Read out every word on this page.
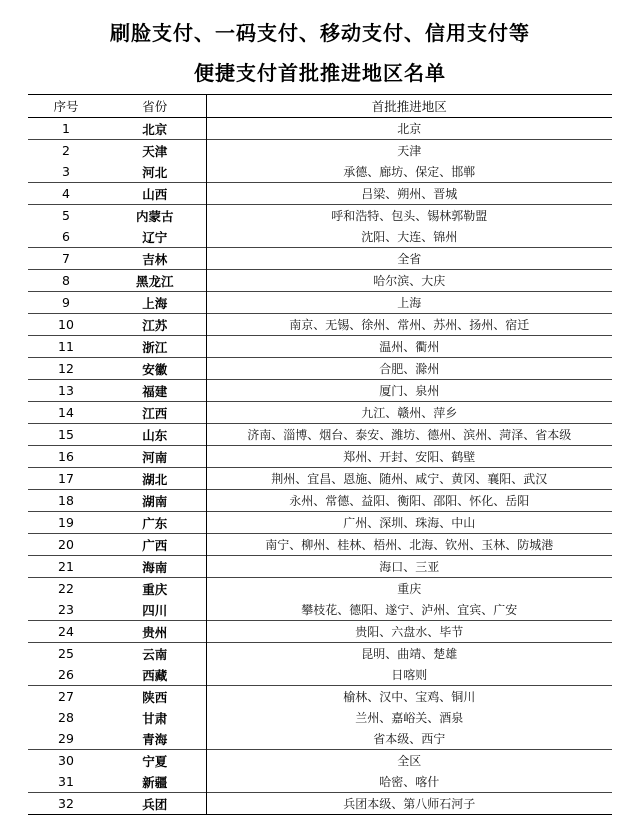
刷脸支付、一码支付、移动支付、信用支付等
便捷支付首批推进地区名单
序号	省份	首批推进地区
1	北京	北京
2	天津	天津
3	河北	承德、廊坊、保定、邯郸
4	山西	吕梁、朔州、晋城
5	内蒙古	呼和浩特、包头、锡林郭勒盟
6	辽宁	沈阳、大连、锦州
7	吉林	全省
8	黑龙江	哈尔滨、大庆
9	上海	上海
10	江苏	南京、无锡、徐州、常州、苏州、扬州、宿迁
11	浙江	温州、衢州
12	安徽	合肥、滁州
13	福建	厦门、泉州
14	江西	九江、赣州、萍乡
15	山东	济南、淄博、烟台、泰安、潍坊、德州、滨州、菏泽、省本级
16	河南	郑州、开封、安阳、鹤壁
17	湖北	荆州、宜昌、恩施、随州、咸宁、黄冈、襄阳、武汉
18	湖南	永州、常德、益阳、衡阳、邵阳、怀化、岳阳
19	广东	广州、深圳、珠海、中山
20	广西	南宁、柳州、桂林、梧州、北海、钦州、玉林、防城港
21	海南	海口、三亚
22	重庆	重庆
23	四川	攀枝花、德阳、遂宁、泸州、宜宾、广安
24	贵州	贵阳、六盘水、毕节
25	云南	昆明、曲靖、楚雄
26	西藏	日喀则
27	陕西	榆林、汉中、宝鸡、铜川
28	甘肃	兰州、嘉峪关、酒泉
29	青海	省本级、西宁
30	宁夏	全区
31	新疆	哈密、喀什
32	兵团	兵团本级、第八师石河子
